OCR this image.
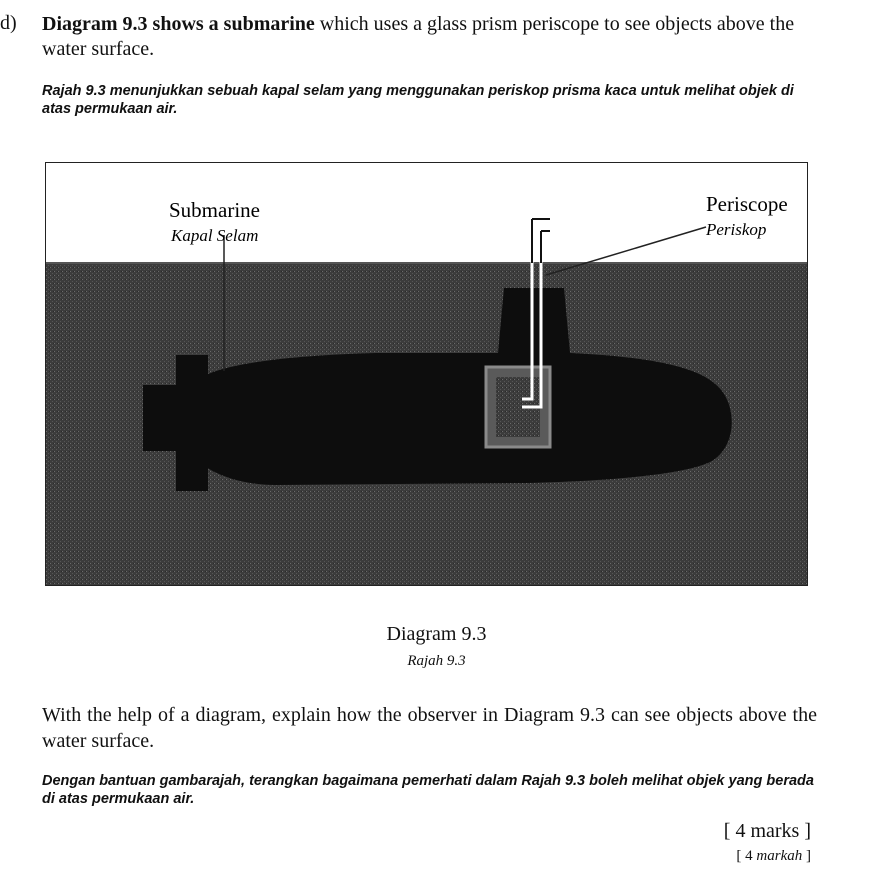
d) Diagram 9.3 shows a submarine which uses a glass prism periscope to see objects above the water surface.
Rajah 9.3 menunjukkan sebuah kapal selam yang menggunakan periskop prisma kaca untuk melihat objek di atas permukaan air.
Submarine
Kapal Selam
Periscope
Periskop
Diagram 9.3
Rajah 9.3
With the help of a diagram, explain how the observer in Diagram 9.3 can see objects above the water surface.
Dengan bantuan gambarajah, terangkan bagaimana pemerhati dalam Rajah 9.3 boleh melihat objek yang berada di atas permukaan air.
[ 4 marks ]
[ 4 markah ]
